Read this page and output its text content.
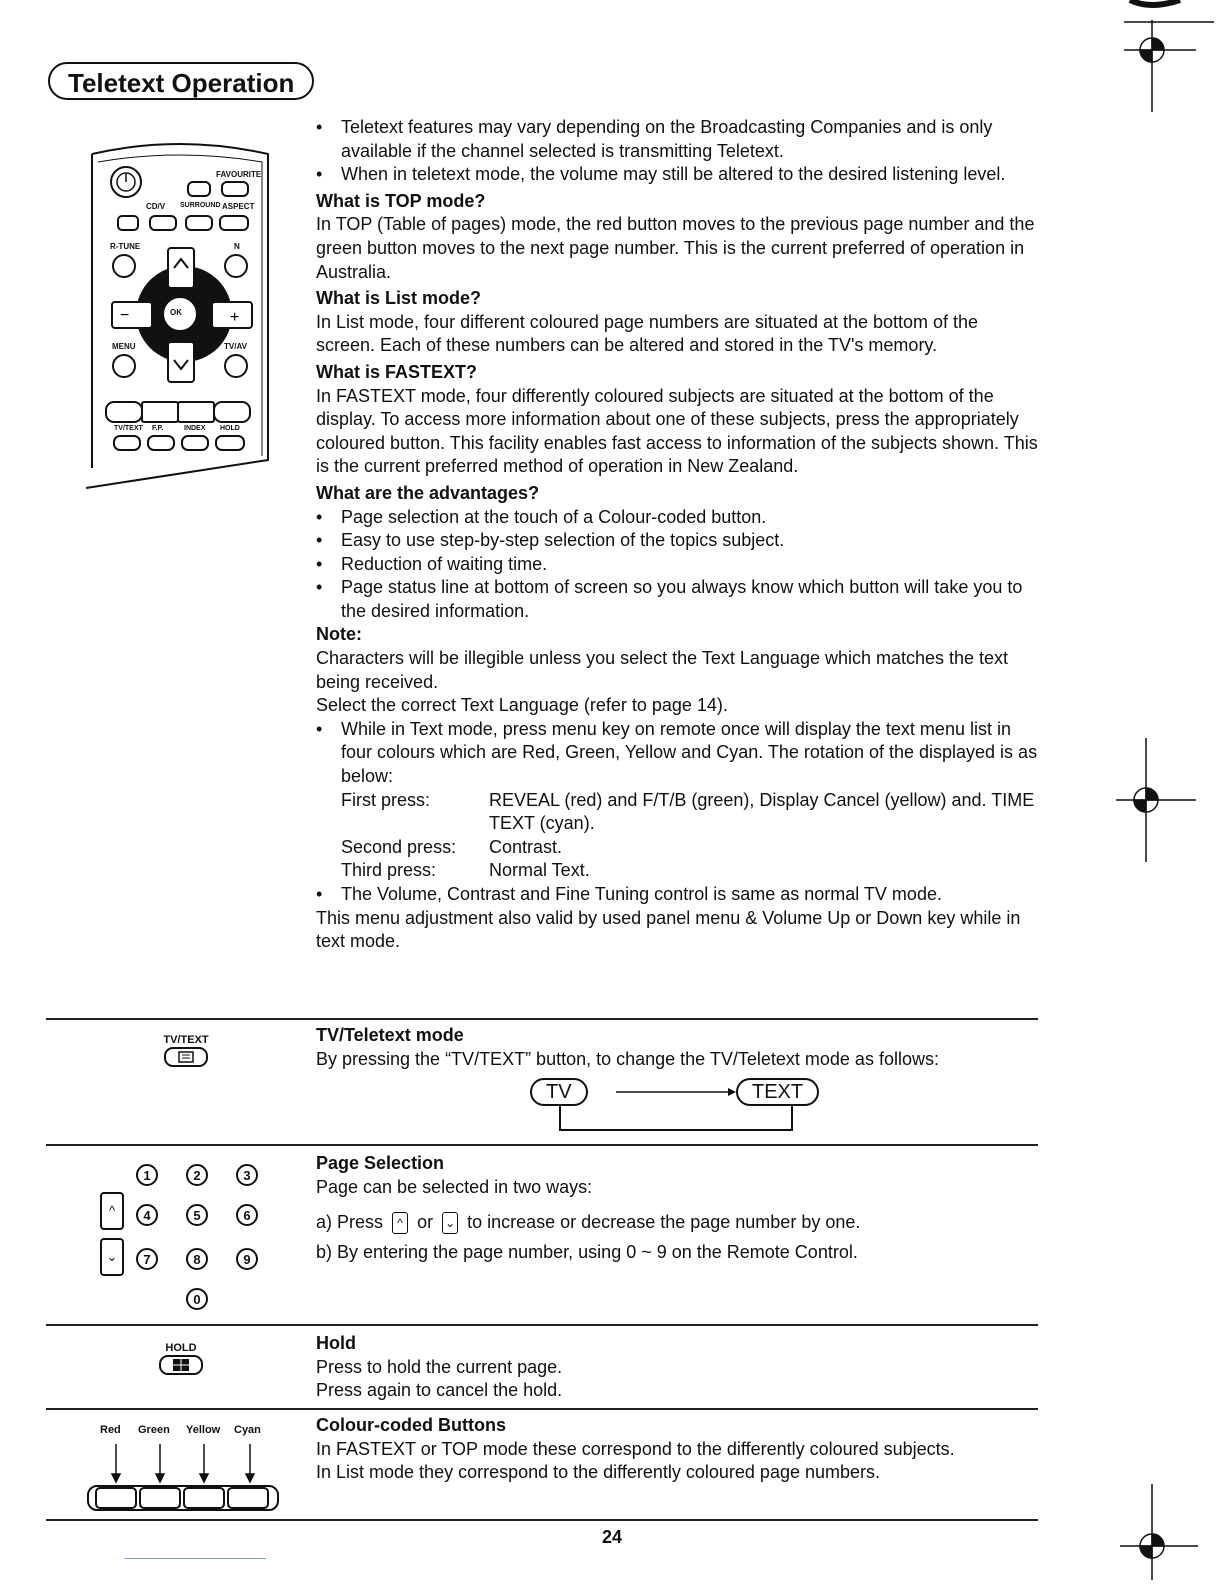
Teletext Operation
−	+
FAVOURITE
CD/V SURROUND ASPECT
R-TUNE	N
OK
MENU	TV/AV
TV/TEXT F.P.	INDEX HOLD
• Teletext features may vary depending on the Broadcasting Companies and is only available if the channel selected is transmitting Teletext.
• When in teletext mode, the volume may still be altered to the desired listening level.
What is TOP mode?

In TOP (Table of pages) mode, the red button moves to the previous page number and the green button moves to the next page number. This is the current preferred of operation in Australia.

What is List mode?

In List mode, four different coloured page numbers are situated at the bottom of the screen. Each of these numbers can be altered and stored in the TV's memory.

What is FASTEXT?

In FASTEXT mode, four differently coloured subjects are situated at the bottom of the display. To access more information about one of these subjects, press the appropriately coloured button. This facility enables fast access to information of the subjects shown. This is the current preferred method of operation in New Zealand.

What are the advantages?
• Page selection at the touch of a Colour-coded button.
• Easy to use step-by-step selection of the topics subject.
• Reduction of waiting time.
• Page status line at bottom of screen so you always know which button will take you to the desired information.
Note:

Characters will be illegible unless you select the Text Language which matches the text being received.

Select the correct Text Language (refer to page 14).

• While in Text mode, press menu key on remote once will display the text menu list in four colours which are Red, Green, Yellow and Cyan. The rotation of the displayed is as below:
First press:	REVEAL (red) and F/T/B (green), Display Cancel (yellow) and. TIME TEXT (cyan).
Second press:	Contrast.
Third press:	Normal Text.
• The Volume, Contrast and Fine Tuning control is same as normal TV mode.

This menu adjustment also valid by used panel menu & Volume Up or Down key while in text mode.

TV/TEXT	TV/Teletext mode

By pressing the “TV/TEXT” button, to change the TV/Teletext mode as follows:

TV	TEXT
1	2	3
^	4	5	6
⌄	7	8	9
0
Page Selection

Page can be selected in two ways:

a) Press ^ or ⌄ to increase or decrease the page number by one.

b) By entering the page number, using 0 ~ 9 on the Remote Control.

HOLD	Hold

Press to hold the current page.

Press again to cancel the hold.

Red Green Yellow Cyan	Colour-coded Buttons

In FASTEXT or TOP mode these correspond to the differently coloured subjects.

In List mode they correspond to the differently coloured page numbers.

24
